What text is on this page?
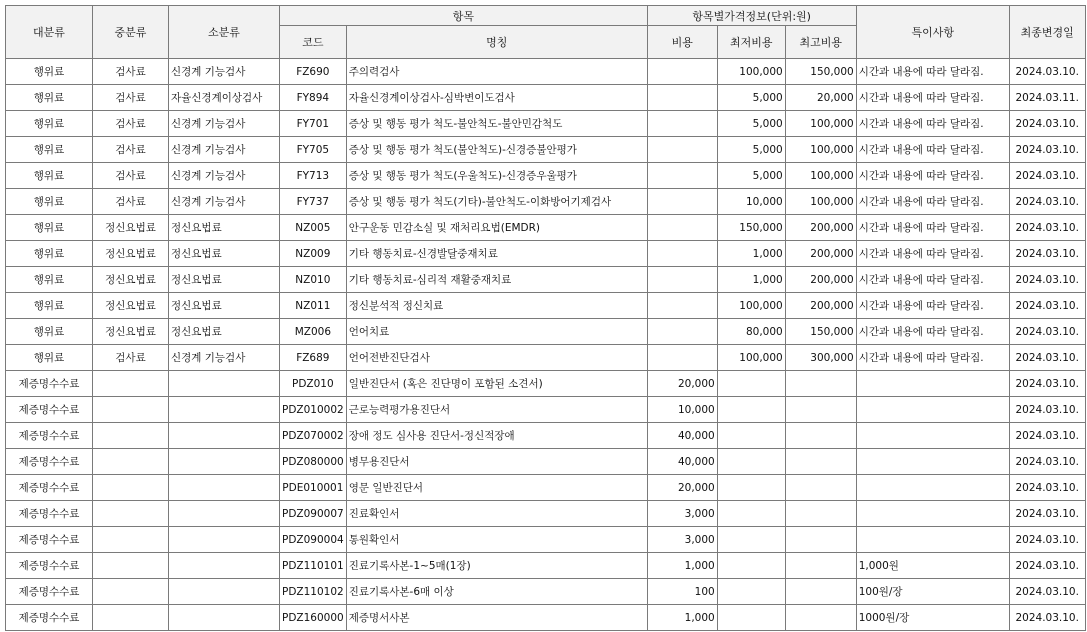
대분류	중분류	소분류	항목		항목별가격정보(단위:원)			특이사항	최종변경일
			코드	명칭	비용	최저비용	최고비용		
행위료	검사료	신경계 기능검사	FZ690	주의력검사		100,000	150,000	시간과 내용에 따라 달라짐.	2024.03.10.
행위료	검사료	자율신경계이상검사	FY894	자율신경계이상검사-심박변이도검사		5,000	20,000	시간과 내용에 따라 달라짐.	2024.03.11.
행위료	검사료	신경계 기능검사	FY701	증상 및 행동 평가 척도-불안척도-불안민감척도		5,000	100,000	시간과 내용에 따라 달라짐.	2024.03.10.
행위료	검사료	신경계 기능검사	FY705	증상 및 행동 평가 척도(불안척도)-신경증불안평가		5,000	100,000	시간과 내용에 따라 달라짐.	2024.03.10.
행위료	검사료	신경계 기능검사	FY713	증상 및 행동 평가 척도(우울척도)-신경증우울평가		5,000	100,000	시간과 내용에 따라 달라짐.	2024.03.10.
행위료	검사료	신경계 기능검사	FY737	증상 및 행동 평가 척도(기타)-불안척도-이화방어기제검사		10,000	100,000	시간과 내용에 따라 달라짐.	2024.03.10.
행위료	정신요법료	정신요법료	NZ005	안구운동 민감소실 및 재처리요법(EMDR)		150,000	200,000	시간과 내용에 따라 달라짐.	2024.03.10.
행위료	정신요법료	정신요법료	NZ009	기타 행동치료-신경발달중재치료		1,000	200,000	시간과 내용에 따라 달라짐.	2024.03.10.
행위료	정신요법료	정신요법료	NZ010	기타 행동치료-심리적 재활중재치료		1,000	200,000	시간과 내용에 따라 달라짐.	2024.03.10.
행위료	정신요법료	정신요법료	NZ011	정신분석적 정신치료		100,000	200,000	시간과 내용에 따라 달라짐.	2024.03.10.
행위료	정신요법료	정신요법료	MZ006	언어치료		80,000	150,000	시간과 내용에 따라 달라짐.	2024.03.10.
행위료	검사료	신경계 기능검사	FZ689	언어전반진단검사		100,000	300,000	시간과 내용에 따라 달라짐.	2024.03.10.
제증명수수료			PDZ010	일반진단서 (혹은 진단명이 포함된 소견서)	20,000				2024.03.10.
제증명수수료			PDZ010002	근로능력평가용진단서	10,000				2024.03.10.
제증명수수료			PDZ070002	장애 정도 심사용 진단서-정신적장애	40,000				2024.03.10.
제증명수수료			PDZ080000	병무용진단서	40,000				2024.03.10.
제증명수수료			PDE010001	영문 일반진단서	20,000				2024.03.10.
제증명수수료			PDZ090007	진료확인서	3,000				2024.03.10.
제증명수수료			PDZ090004	통원확인서	3,000				2024.03.10.
제증명수수료			PDZ110101	진료기록사본-1~5매(1장)	1,000			1,000원	2024.03.10.
제증명수수료			PDZ110102	진료기록사본-6매 이상	100			100원/장	2024.03.10.
제증명수수료			PDZ160000	제증명서사본	1,000			1000원/장	2024.03.10.
